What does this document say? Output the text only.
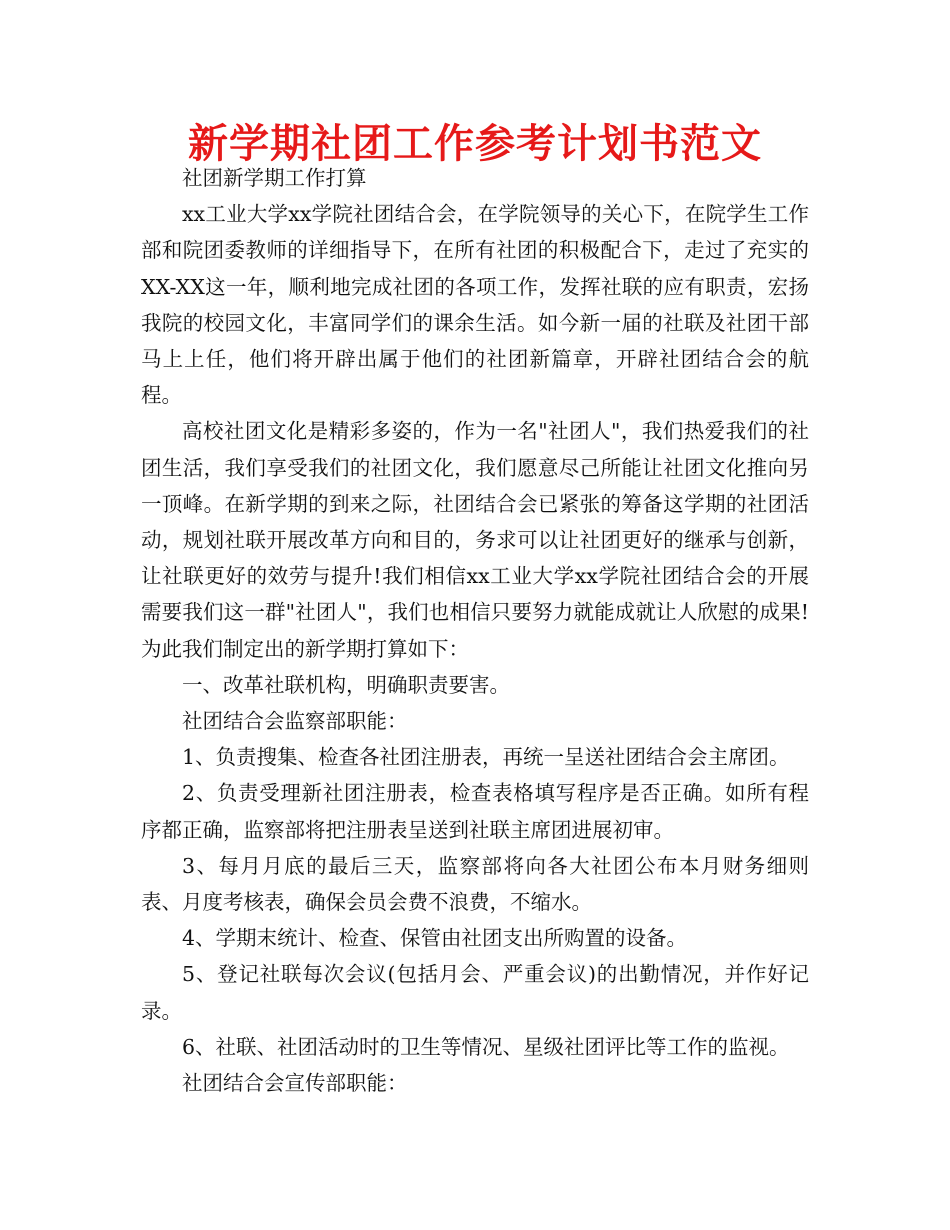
新学期社团工作参考计划书范文

社团新学期工作打算

xx工业大学xx学院社团结合会，在学院领导的关心下，在院学生工作部和院团委教师的详细指导下，在所有社团的积极配合下，走过了充实的XX-XX这一年，顺利地完成社团的各项工作，发挥社联的应有职责，宏扬我院的校园文化，丰富同学们的课余生活。如今新一届的社联及社团干部马上上任，他们将开辟出属于他们的社团新篇章，开辟社团结合会的航程。

高校社团文化是精彩多姿的，作为一名"社团人"，我们热爱我们的社团生活，我们享受我们的社团文化，我们愿意尽己所能让社团文化推向另一顶峰。在新学期的到来之际，社团结合会已紧张的筹备这学期的社团活动，规划社联开展改革方向和目的，务求可以让社团更好的继承与创新，让社联更好的效劳与提升!我们相信xx工业大学xx学院社团结合会的开展需要我们这一群"社团人"，我们也相信只要努力就能成就让人欣慰的成果!为此我们制定出的新学期打算如下：

一、改革社联机构，明确职责要害。

社团结合会监察部职能：

1、负责搜集、检查各社团注册表，再统一呈送社团结合会主席团。

2、负责受理新社团注册表，检查表格填写程序是否正确。如所有程序都正确，监察部将把注册表呈送到社联主席团进展初审。

3、每月月底的最后三天，监察部将向各大社团公布本月财务细则表、月度考核表，确保会员会费不浪费，不缩水。

4、学期末统计、检查、保管由社团支出所购置的设备。

5、登记社联每次会议(包括月会、严重会议)的出勤情况，并作好记录。

6、社联、社团活动时的卫生等情况、星级社团评比等工作的监视。

社团结合会宣传部职能：
